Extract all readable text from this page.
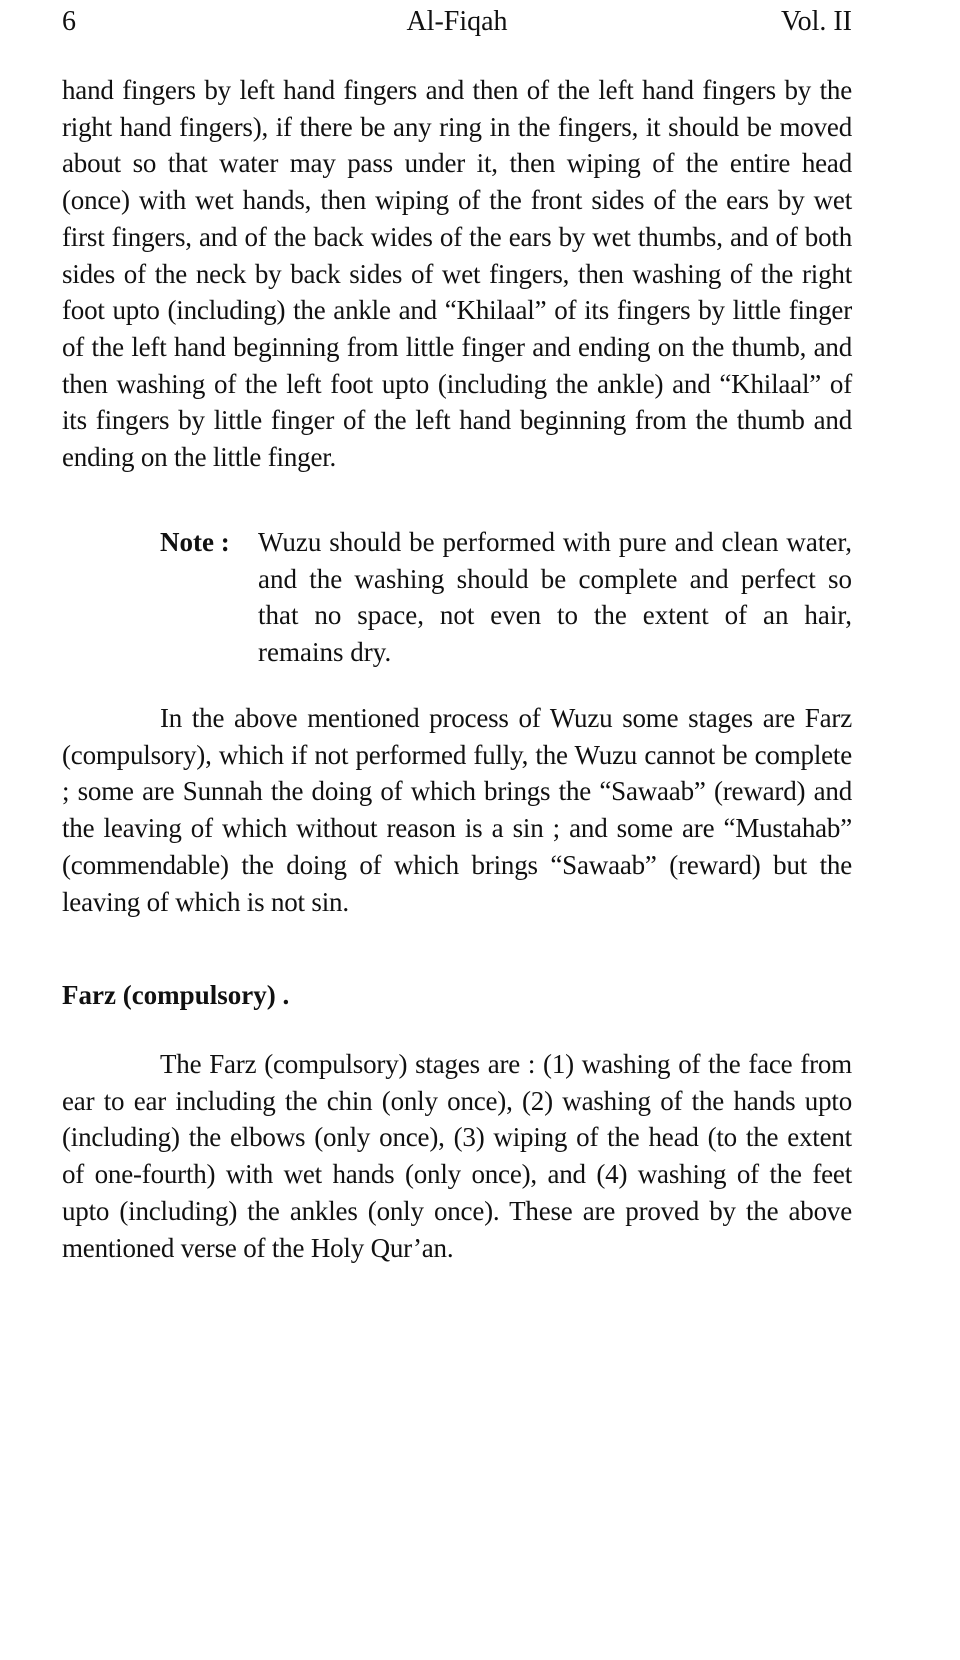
6	Al-Fiqah	Vol. II

hand fingers by left hand fingers and then of the left hand fingers by the right hand fingers), if there be any ring in the fingers, it should be moved about so that water may pass under it, then wiping of the entire head (once) with wet hands, then wiping of the front sides of the ears by wet first fingers, and of the back wides of the ears by wet thumbs, and of both sides of the neck by back sides of wet fingers, then washing of the right foot upto (including) the ankle and “Khilaal” of its fingers by little finger of the left hand beginning from little finger and ending on the thumb, and then washing of the left foot upto (including the ankle) and “Khilaal” of its fingers by little finger of the left hand beginning from the thumb and ending on the little finger.

Note : Wuzu should be performed with pure and clean water, and the washing should be complete and perfect so that no space, not even to the extent of an hair, remains dry.

In the above mentioned process of Wuzu some stages are Farz (compulsory), which if not performed fully, the Wuzu cannot be complete ; some are Sunnah the doing of which brings the “Sawaab” (reward) and the leaving of which without reason is a sin ; and some are “Mustahab” (commendable) the doing of which brings “Sawaab” (reward) but the leaving of which is not sin.

Farz (compulsory) .

The Farz (compulsory) stages are : (1) washing of the face from ear to ear including the chin (only once), (2) washing of the hands upto (including) the elbows (only once), (3) wiping of the head (to the extent of one-fourth) with wet hands (only once), and (4) washing of the feet upto (including) the ankles (only once). These are proved by the above mentioned verse of the Holy Qur’an.
